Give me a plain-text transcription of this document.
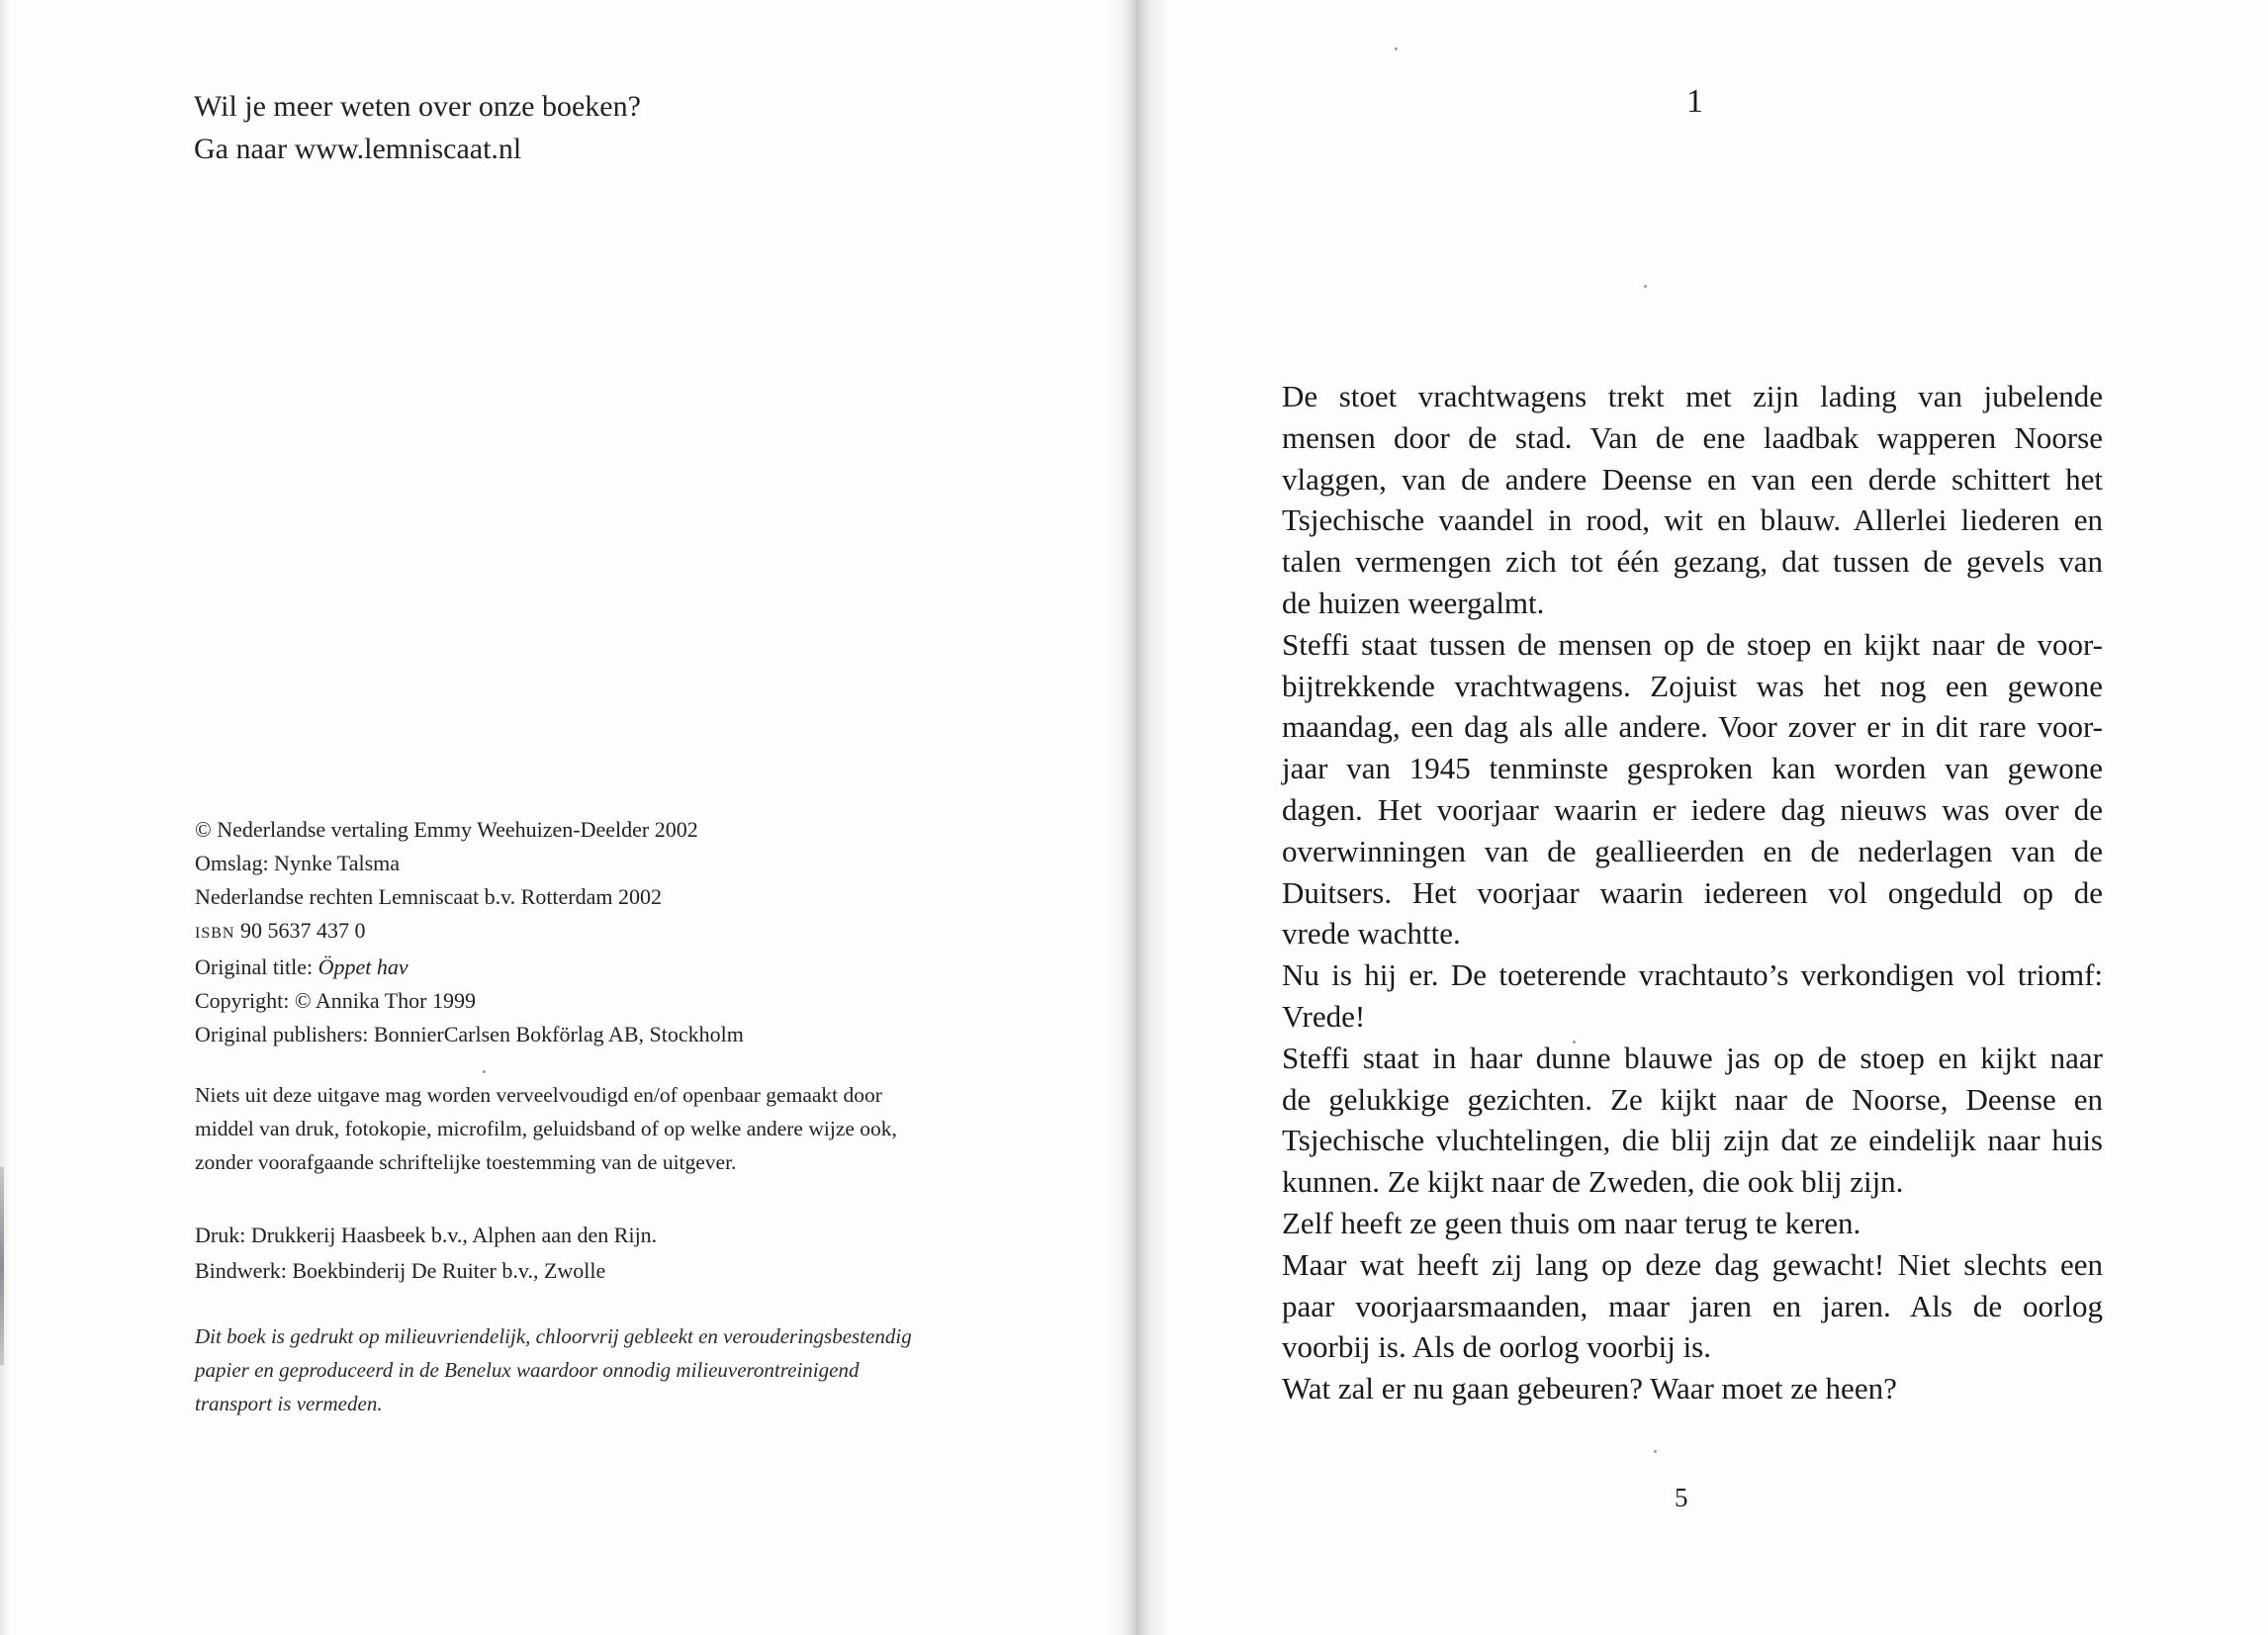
Wil je meer weten over onze boeken?
Ga naar www.lemniscaat.nl
© Nederlandse vertaling Emmy Weehuizen-Deelder 2002
Omslag: Nynke Talsma
Nederlandse rechten Lemniscaat b.v. Rotterdam 2002
ISBN 90 5637 437 0
Original title: Öppet hav
Copyright: © Annika Thor 1999
Original publishers: BonnierCarlsen Bokförlag AB, Stockholm
Niets uit deze uitgave mag worden verveelvoudigd en/of openbaar gemaakt door
middel van druk, fotokopie, microfilm, geluidsband of op welke andere wijze ook,
zonder voorafgaande schriftelijke toestemming van de uitgever.
Druk: Drukkerij Haasbeek b.v., Alphen aan den Rijn.
Bindwerk: Boekbinderij De Ruiter b.v., Zwolle
Dit boek is gedrukt op milieuvriendelijk, chloorvrij gebleekt en verouderingsbestendig
papier en geproduceerd in de Benelux waardoor onnodig milieuverontreinigend
transport is vermeden.
1
De stoet vrachtwagens trekt met zijn lading van jubelende
mensen door de stad. Van de ene laadbak wapperen Noorse
vlaggen, van de andere Deense en van een derde schittert het
Tsjechische vaandel in rood, wit en blauw. Allerlei liederen en
talen vermengen zich tot één gezang, dat tussen de gevels van
de huizen weergalmt.
Steffi staat tussen de mensen op de stoep en kijkt naar de voor-
bijtrekkende vrachtwagens. Zojuist was het nog een gewone
maandag, een dag als alle andere. Voor zover er in dit rare voor-
jaar van 1945 tenminste gesproken kan worden van gewone
dagen. Het voorjaar waarin er iedere dag nieuws was over de
overwinningen van de geallieerden en de nederlagen van de
Duitsers. Het voorjaar waarin iedereen vol ongeduld op de
vrede wachtte.
Nu is hij er. De toeterende vrachtauto’s verkondigen vol triomf:
Vrede!
Steffi staat in haar dunne blauwe jas op de stoep en kijkt naar
de gelukkige gezichten. Ze kijkt naar de Noorse, Deense en
Tsjechische vluchtelingen, die blij zijn dat ze eindelijk naar huis
kunnen. Ze kijkt naar de Zweden, die ook blij zijn.
Zelf heeft ze geen thuis om naar terug te keren.
Maar wat heeft zij lang op deze dag gewacht! Niet slechts een
paar voorjaarsmaanden, maar jaren en jaren. Als de oorlog
voorbij is. Als de oorlog voorbij is.
Wat zal er nu gaan gebeuren? Waar moet ze heen?
5
